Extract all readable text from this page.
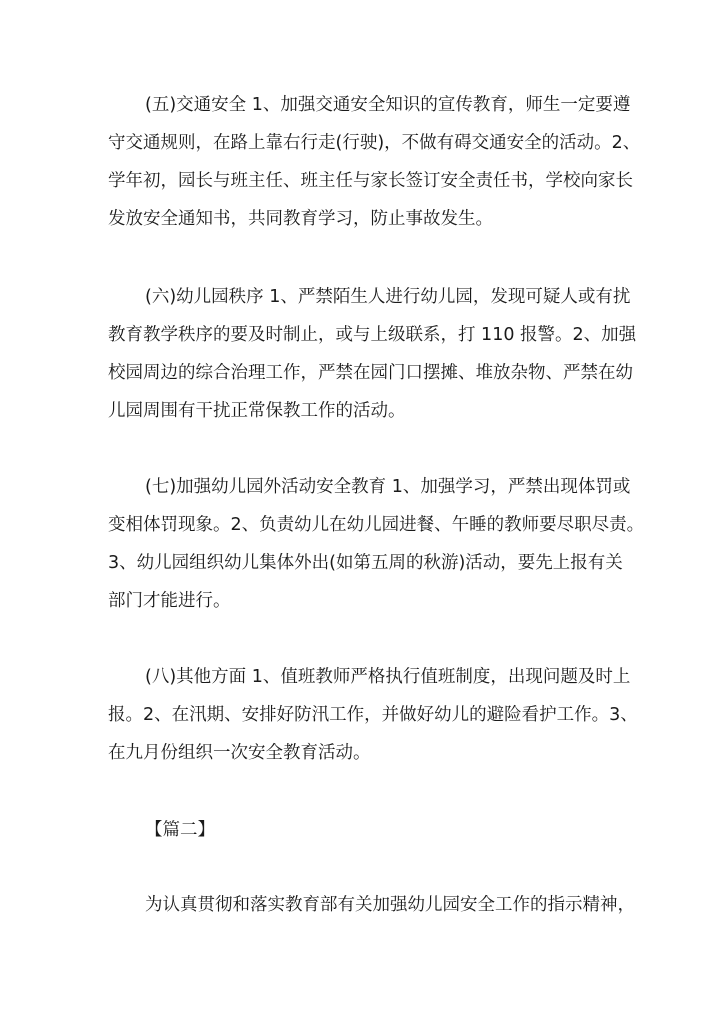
(五)交通安全 1、加强交通安全知识的宣传教育，师生一定要遵
守交通规则，在路上靠右行走(行驶)，不做有碍交通安全的活动。2、
学年初，园长与班主任、班主任与家长签订安全责任书，学校向家长
发放安全通知书，共同教育学习，防止事故发生。
(六)幼儿园秩序 1、严禁陌生人进行幼儿园，发现可疑人或有扰
教育教学秩序的要及时制止，或与上级联系，打 110 报警。2、加强
校园周边的综合治理工作，严禁在园门口摆摊、堆放杂物、严禁在幼
儿园周围有干扰正常保教工作的活动。
(七)加强幼儿园外活动安全教育 1、加强学习，严禁出现体罚或
变相体罚现象。2、负责幼儿在幼儿园进餐、午睡的教师要尽职尽责。
3、幼儿园组织幼儿集体外出(如第五周的秋游)活动，要先上报有关
部门才能进行。
(八)其他方面 1、值班教师严格执行值班制度，出现问题及时上
报。2、在汛期、安排好防汛工作，并做好幼儿的避险看护工作。3、
在九月份组织一次安全教育活动。
【篇二】
为认真贯彻和落实教育部有关加强幼儿园安全工作的指示精神，
